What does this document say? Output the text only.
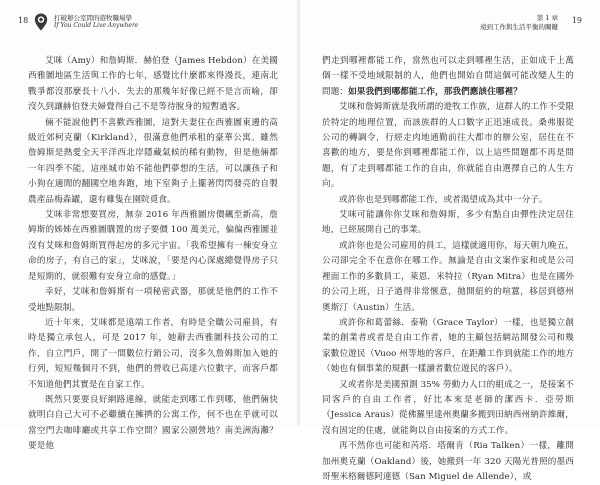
18	打破辦公室間的遊牧職場學
If You Could Live Anywhere

艾咪（Amy）和詹姆斯．赫伯登（James Hebdon）在美國西雅圖地區生活與工作的七年，感覺比什麼都來得漫長，連南北戰爭都沒那麼長十八小．失去的那幾年好像已經不是言而喻，卻沒久到讓赫伯登夫婦覺得自己不是等待脫身的短暫過客。

倆不能說他們不喜歡西雅圖，這對夫妻住在西雅圖東邊的高級近郊柯克蘭（Kirkland），很滿意他們承租的豪華公寓。雖然詹姆斯是熱愛全天平洋西北岸隱藏氣候的稀有動物，但是他倆都一年四季不能，這座城市始不能他們夢想的生活，可以讓孩子和小狗在適閒的翻國空地奔跑，地下室夠子上擺著閃閃發亮的自製農產品梅森罐，還有雞隻在園院覓食。

艾咪非常想要買房，無奈 2016 年西雅圖房價飆至新高，詹姆斯的姊姊在西雅圖購置的房子要價 100 萬美元，偏偏西雅圖並沒有艾咪和詹姆斯買得起房的多元宇宙。「我希望擁有一棟安身立命的房子，有自己的家」，艾咪說，「要是內心深處總覺得房子只是短期的，就很難有安身立命的感覺。」

幸好，艾咪和詹姆斯有一項秘密武器，那就是他們的工作不受地點限制。

近十年來，艾咪都是遠端工作者，有時是全職公司雇員，有時是獨立承包人，可是 2017 年，她辭去西雅圖科技公司的工作，自立門戶，開了一間數位行銷公司，沒多久詹姆斯加入她的行列，短短幾個月不到，他們的營收已高達六位數字，而客戶都不知道他們其實是在自家工作。

既然只要要良好網路連線，就能走到哪工作到哪，他們倆快就明白自己大可不必繼續在擁擠的公寓工作，何不也在乎就可以當空門去咖啡廳或共享工作空間？國家公園營地？南美洲海灘？要是他

第 1 章
遠到工作與生活平衡的關鍵
19

們走到哪裡都能工作，當然也可以走到哪裡生活，正如成千上萬個一樣不受地域限制的人，他們也開始自問這個可能改變人生的問題：如果我們到哪都能工作，那我們應該住哪裡？

艾咪和詹姆斯就是我所謂的遊牧工作族，這群人的工作不受限於特定的地理位置，而該族群的人口數字正迅速成長。桑弗服從公司的轉調令，行經走肉地通勤前往大都市的辦公室，居住在不喜歡的地方，要是你到哪裡都能工作，以上這些問題都不再是問題，有了走到哪都能工作的自由，你就能自由選擇自己的人生方向。

或許你也是到哪都能工作，或者渴望成為其中一分子。

艾咪可能讓你你艾咪和詹姆斯，多少有點自由彈性決定居住地，已經展開自己的事業。

或許你也是公司雇用的員工，這樣就適用你，每天朝九晚五，公司卻完全不在意你在哪工作。無論是自由文案作家和或是公司裡面工作的多數員工，萊恩．米特拉（Ryan Mitra）也是在國外的公司上班，日子過得非常愜意，拋開紐約的喧囂，移居到德州奧斯汀（Austin）生活。

或許你和葛蕾絲．泰勒（Grace Taylor）一樣，也是獨立創業的創業者或者是自由工作者，她的主顧包括網站開發公司和幾家數位遊民（Vuoo 州等地的客戶，在距離工作到就能工作的地方（她也有個事業的規劃一樣讀者數位遊民的客戶）。

又或者你是美國預測 35% 勞動力人口的組成之一，是接案不同客戶的自由工作者，好比本來是老師的潔西卡．亞勞斯（Jessica Araus）從佛羅里達州奧蘭多搬到田納西州納許維爾，沒有固定的住處，就能夠以自由接案的方式工作。

再不然你也可能和芮塔．塔爾肯（Ria Talken）一樣，離開加州奧克蘭（Oakland）後，她搬到一年 320 天陽光普照的墨西哥聖米格爾德阿連德（San Miguel de Allende），或
